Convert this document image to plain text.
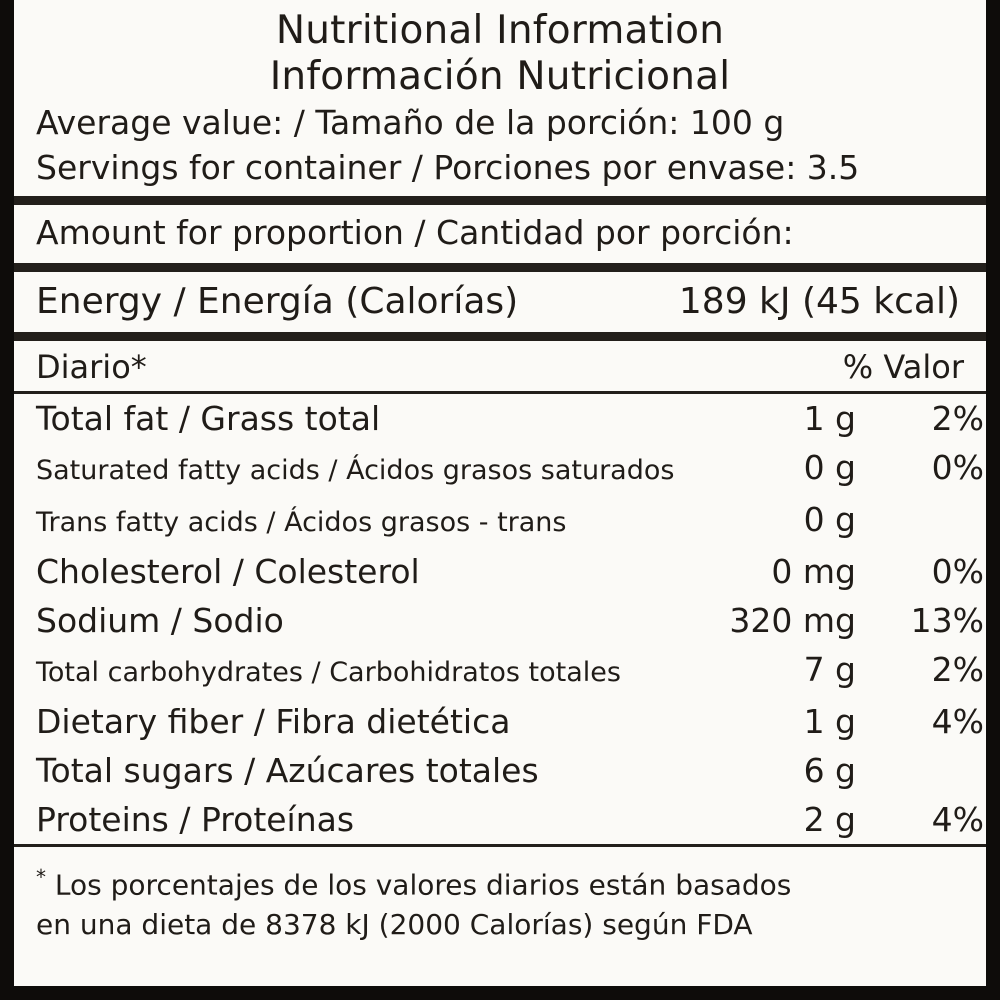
Nutritional Information
Información Nutricional
Average value: / Tamaño de la porción: 100 g
Servings for container / Porciones por envase: 3.5
Amount for proportion / Cantidad por porción:
Energy / Energía (Calorías)	189 kJ (45 kcal)
Diario*	% Valor
Total fat / Grass total	1 g	2%
Saturated fatty acids / Ácidos grasos saturados	0 g	0%
Trans fatty acids / Ácidos grasos - trans	0 g	
Cholesterol / Colesterol	0 mg	0%
Sodium / Sodio	320 mg	13%
Total carbohydrates / Carbohidratos totales	7 g	2%
Dietary fiber / Fibra dietética	1 g	4%
Total sugars / Azúcares totales	6 g	
Proteins / Proteínas	2 g	4%
* Los porcentajes de los valores diarios están basados
en una dieta de 8378 kJ (2000 Calorías) según FDA
